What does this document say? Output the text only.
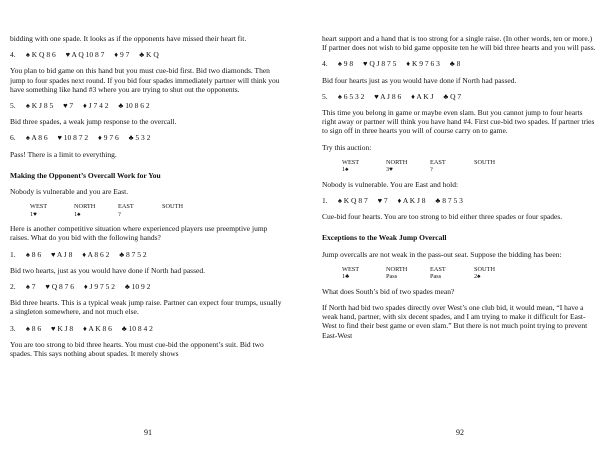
bidding with one spade. It looks as if the opponents have missed their heart fit.

4. ♠ K Q 8 6 ♥ A Q 10 8 7 ♦ 9 7 ♣ K Q

You plan to bid game on this hand but you must cue-bid first. Bid two diamonds. Then jump to four spades next round. If you bid four spades immediately partner will think you have something like hand #3 where you are trying to shut out the opponents.

5. ♠ K J 8 5 ♥ 7 ♦ J 7 4 2 ♣ 10 8 6 2

Bid three spades, a weak jump response to the overcall.

6. ♠ A 8 6 ♥ 10 8 7 2 ♦ 9 7 6 ♣ 5 3 2

Pass! There is a limit to everything.

Making the Opponent’s Overcall Work for You

Nobody is vulnerable and you are East.

WEST	NORTH	EAST	SOUTH
1♥	1♠	?	

Here is another competitive situation where experienced players use preemptive jump raises. What do you bid with the following hands?

1. ♠ 8 6 ♥ A J 8 ♦ A 8 6 2 ♣ 8 7 5 2

Bid two hearts, just as you would have done if North had passed.

2. ♠ 7 ♥ Q 8 7 6 ♦ J 9 7 5 2 ♣ 10 9 2

Bid three hearts. This is a typical weak jump raise. Partner can expect four trumps, usually a singleton somewhere, and not much else.

3. ♠ 8 6 ♥ K J 8 ♦ A K 8 6 ♣ 10 8 4 2

You are too strong to bid three hearts. You must cue-bid the opponent’s suit. Bid two spades. This says nothing about spades. It merely shows

91

heart support and a hand that is too strong for a single raise. (In other words, ten or more.) If partner does not wish to bid game opposite ten he will bid three hearts and you will pass.

4. ♠ 9 8 ♥ Q J 8 7 5 ♦ K 9 7 6 3 ♣ 8

Bid four hearts just as you would have done if North had passed.

5. ♠ 6 5 3 2 ♥ A J 8 6 ♦ A K J ♣ Q 7

This time you belong in game or maybe even slam. But you cannot jump to four hearts right away or partner will think you have hand #4. First cue-bid two spades. If partner tries to sign off in three hearts you will of course carry on to game.

Try this auction:

WEST	NORTH	EAST	SOUTH
1♠	3♥	?	

Nobody is vulnerable. You are East and hold:

1. ♠ K Q 8 7 ♥ 7 ♦ A K J 8 ♣ 8 7 5 3

Cue-bid four hearts. You are too strong to bid either three spades or four spades.

Exceptions to the Weak Jump Overcall

Jump overcalls are not weak in the pass-out seat. Suppose the bidding has been:

WEST	NORTH	EAST	SOUTH
1♣	Pass	Pass	2♠

What does South’s bid of two spades mean?

If North had bid two spades directly over West’s one club bid, it would mean, “I have a weak hand, partner, with six decent spades, and I am trying to make it difficult for East-West to find their best game or even slam.” But there is not much point trying to prevent East-West

92
